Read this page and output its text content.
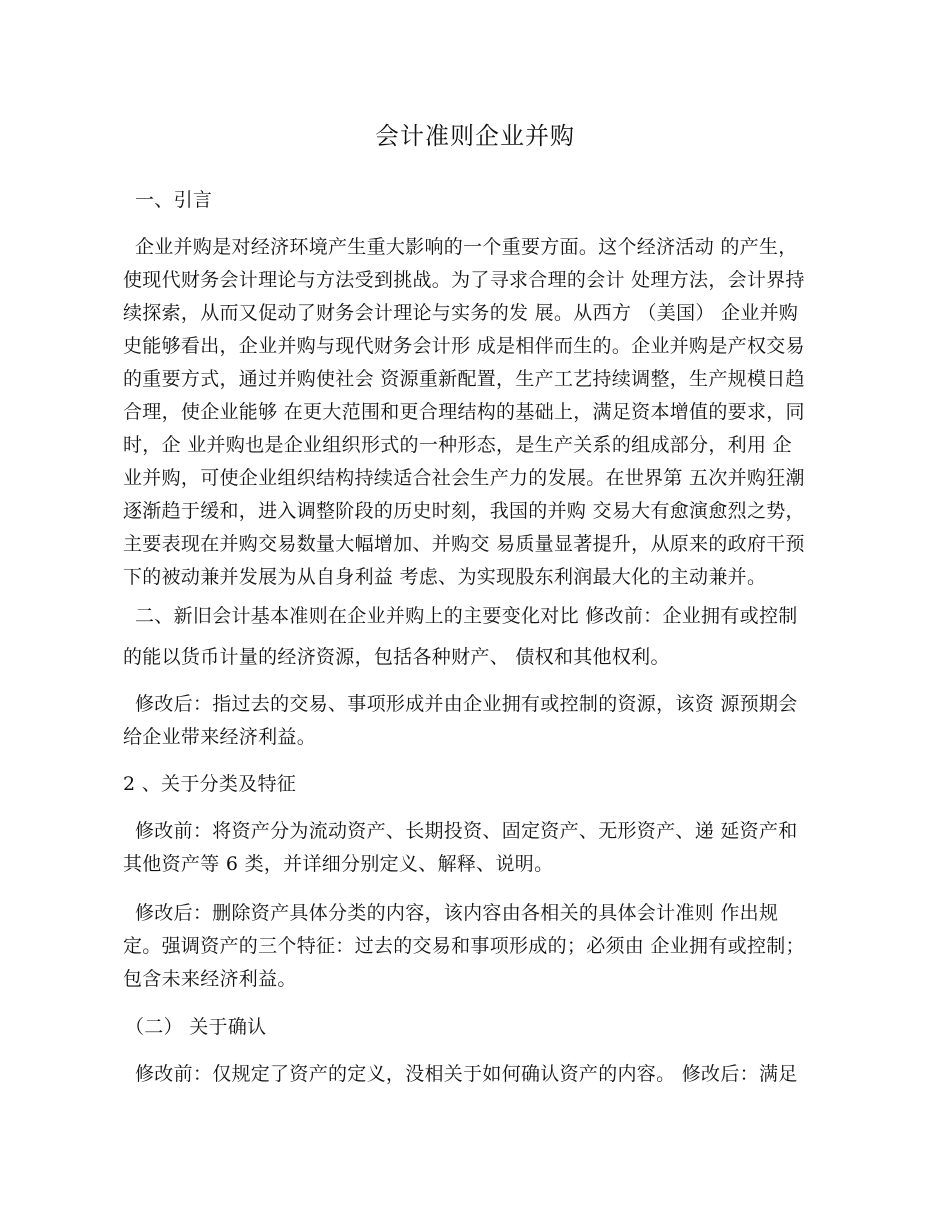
会计准则企业并购
一、引言
企业并购是对经济环境产生重大影响的一个重要方面。这个经济活动 的产生，
使现代财务会计理论与方法受到挑战。为了寻求合理的会计 处理方法，会计界持
续探索，从而又促动了财务会计理论与实务的发 展。从西方 （美国） 企业并购
史能够看出，企业并购与现代财务会计形 成是相伴而生的。企业并购是产权交易
的重要方式，通过并购使社会 资源重新配置，生产工艺持续调整，生产规模日趋
合理，使企业能够 在更大范围和更合理结构的基础上，满足资本增值的要求，同
时，企 业并购也是企业组织形式的一种形态，是生产关系的组成部分，利用 企
业并购，可使企业组织结构持续适合社会生产力的发展。在世界第 五次并购狂潮
逐渐趋于缓和，进入调整阶段的历史时刻，我国的并购 交易大有愈演愈烈之势，
主要表现在并购交易数量大幅增加、并购交 易质量显著提升，从原来的政府干预
下的被动兼并发展为从自身利益 考虑、为实现股东利润最大化的主动兼并。
二、新旧会计基本准则在企业并购上的主要变化对比 修改前：企业拥有或控制
的能以货币计量的经济资源，包括各种财产、 债权和其他权利。
修改后：指过去的交易、事项形成并由企业拥有或控制的资源，该资 源预期会
给企业带来经济利益。
2 、关于分类及特征
修改前：将资产分为流动资产、长期投资、固定资产、无形资产、递 延资产和
其他资产等 6 类，并详细分别定义、解释、说明。
修改后：删除资产具体分类的内容，该内容由各相关的具体会计准则 作出规
定。强调资产的三个特征：过去的交易和事项形成的；必须由 企业拥有或控制；
包含未来经济利益。
（二） 关于确认
修改前：仅规定了资产的定义，没相关于如何确认资产的内容。 修改后：满足
